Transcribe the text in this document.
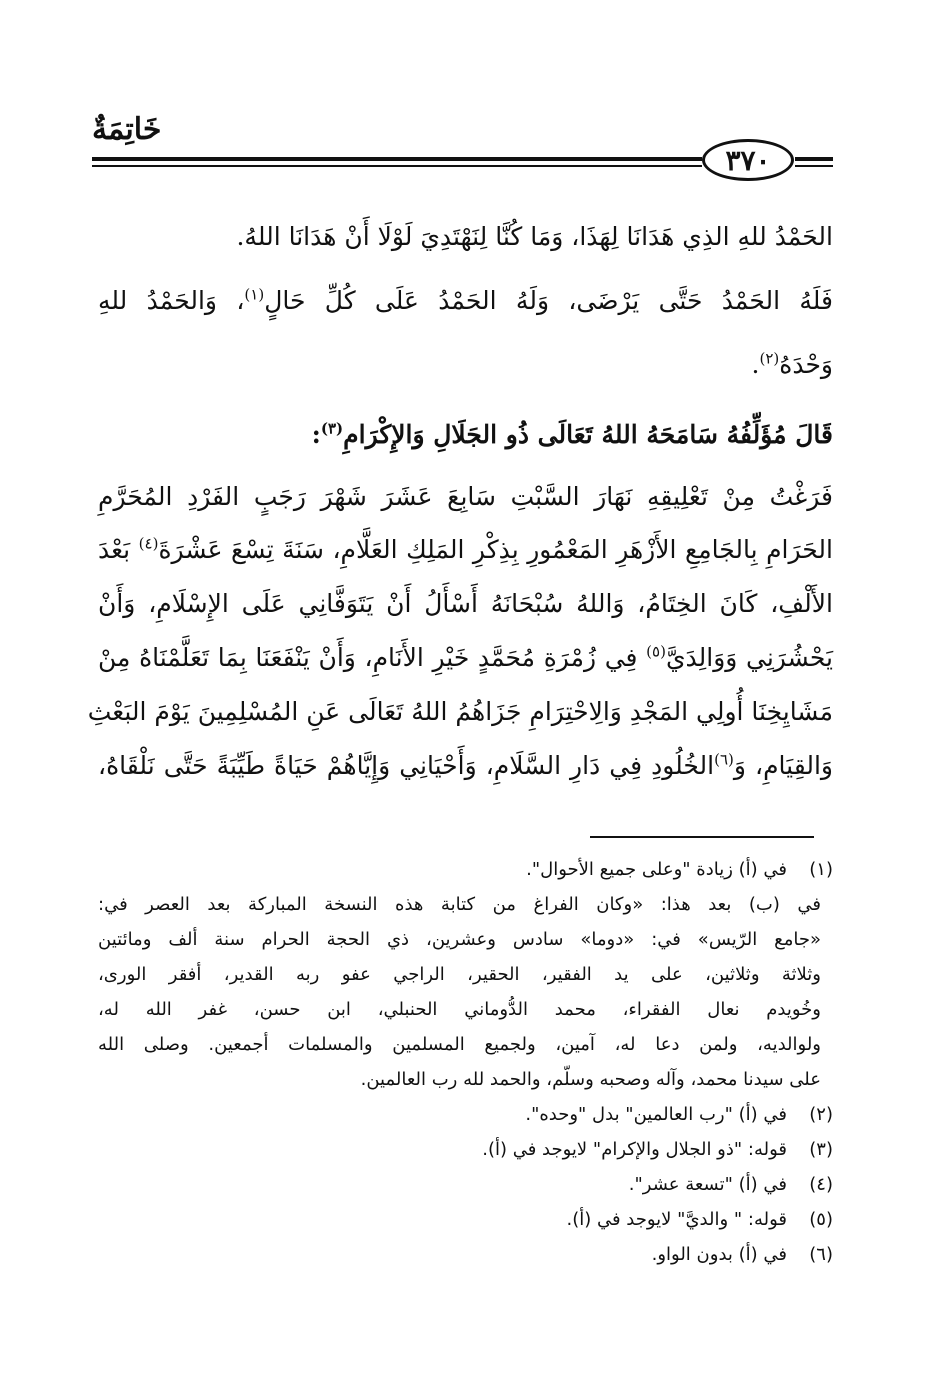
خَاتِمَةٌ
٣٧٠
الحَمْدُ للهِ الذِي هَدَانَا لِهَذَا، وَمَا كُنَّا لِنَهْتَدِيَ لَوْلَا أَنْ هَدَانَا اللهُ.
فَلَهُ الحَمْدُ حَتَّى يَرْضَى، وَلَهُ الحَمْدُ عَلَى كُلِّ حَالٍ$^{(١)}$، وَالحَمْدُ للهِ
وَحْدَهُ$^{(٢)}$.
قَالَ مُؤَلِّفُهُ سَامَحَهُ اللهُ تَعَالَى ذُو الجَلَالِ وَالإِكْرَامِ$^{(٣)}$:
فَرَغْتُ مِنْ تَعْلِيقِهِ نَهَارَ السَّبْتِ سَابِعَ عَشَرَ شَهْرَ رَجَبٍ الفَرْدِ المُحَرَّمِ
الحَرَامِ بِالجَامِعِ الأَزْهَرِ المَعْمُورِ بِذِكْرِ المَلِكِ العَلَّامِ، سَنَةَ تِسْعَ عَشْرَةَ$^{(٤)}$ بَعْدَ
الأَلْفِ، كَانَ الخِتَامُ، وَاللهُ سُبْحَانَهُ أَسْأَلُ أَنْ يَتَوَفَّانِي عَلَى الإِسْلَامِ، وَأَنْ
يَحْشُرَنِي وَوَالِدَيَّ$^{(٥)}$ فِي زُمْرَةِ مُحَمَّدٍ خَيْرِ الأَنَامِ، وَأَنْ يَنْفَعَنَا بِمَا تَعَلَّمْنَاهُ مِنْ
مَشَايِخِنَا أُولِي المَجْدِ وَالِاحْتِرَامِ جَزَاهُمُ اللهُ تَعَالَى عَنِ المُسْلِمِينَ يَوْمَ البَعْثِ
وَالقِيَامِ، وَ$^{(٦)}$الخُلُودِ فِي دَارِ السَّلَامِ، وَأَحْيَانِي وَإِيَّاهُمْ حَيَاةً طَيِّبَةً حَتَّى نَلْقَاهُ،
(١)في (أ) زيادة "وعلى جميع الأحوال".
في (ب) بعد هذا: «وكان الفراغ من كتابة هذه النسخة المباركة بعد العصر في:
«جامع الرّيس» في: «دوما» سادس وعشرين، ذي الحجة الحرام سنة ألف ومائتين
وثلاثة وثلاثين، على يد الفقير، الحقير، الراجي عفو ربه القدير، أفقر الورى،
وخُويدم نعال الفقراء، محمد الدُّوماني الحنبلي، ابن حسن، غفر الله له،
ولوالديه، ولمن دعا له، آمين، ولجميع المسلمين والمسلمات أجمعين. وصلى الله
على سيدنا محمد، وآله وصحبه وسلّم، والحمد لله رب العالمين.
(٢)في (أ) "رب العالمين" بدل "وحده".
(٣)قوله: "ذو الجلال والإكرام" لايوجد في (أ).
(٤)في (أ) "تسعة عشر".
(٥)قوله: " والديَّ" لايوجد في (أ).
(٦)في (أ) بدون الواو.
